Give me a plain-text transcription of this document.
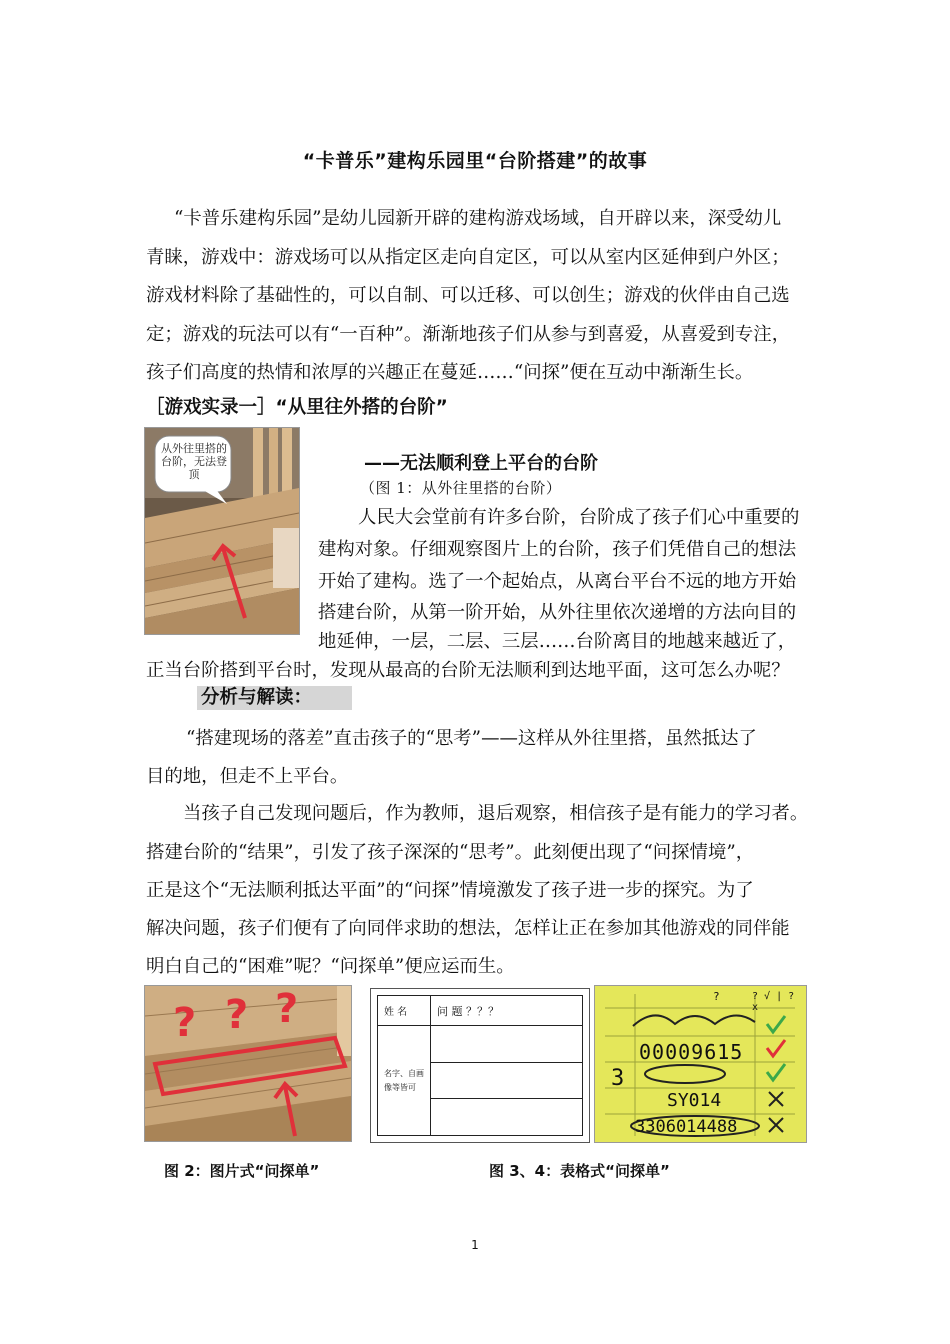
“卡普乐”建构乐园里“台阶搭建”的故事
“卡普乐建构乐园”是幼儿园新开辟的建构游戏场域，自开辟以来，深受幼儿
青睐，游戏中：游戏场可以从指定区走向自定区，可以从室内区延伸到户外区；
游戏材料除了基础性的，可以自制、可以迁移、可以创生；游戏的伙伴由自己选
定；游戏的玩法可以有“一百种”。渐渐地孩子们从参与到喜爱，从喜爱到专注，
孩子们高度的热情和浓厚的兴趣正在蔓延……“问探”便在互动中渐渐生长。
［游戏实录一］“从里往外搭的台阶”
从外往里搭的台阶，无法登顶
——无法顺利登上平台的台阶
（图 1：从外往里搭的台阶）
人民大会堂前有许多台阶，台阶成了孩子们心中重要的
建构对象。仔细观察图片上的台阶，孩子们凭借自己的想法
开始了建构。选了一个起始点，从离台平台不远的地方开始
搭建台阶，从第一阶开始，从外往里依次递增的方法向目的
地延伸，一层，二层、三层……台阶离目的地越来越近了，
正当台阶搭到平台时，发现从最高的台阶无法顺利到达地平面，这可怎么办呢？
分析与解读：
“搭建现场的落差”直击孩子的“思考”——这样从外往里搭，虽然抵达了
目的地，但走不上平台。
当孩子自己发现问题后，作为教师，退后观察，相信孩子是有能力的学习者。
搭建台阶的“结果”，引发了孩子深深的“思考”。此刻便出现了“问探情境”，
正是这个“无法顺利抵达平面”的“问探”情境激发了孩子进一步的探究。为了
解决问题，孩子们便有了向同伴求助的想法，怎样让正在参加其他游戏的同伴能
明白自己的“困难”呢？“问探单”便应运而生。
? ? ?	姓 名	问 题 ？？？
名字、自画像等皆可	

?	? √ | ? x
00009615
SY014
3306014488
3
图 2：图片式“问探单”	图 3、4：表格式“问探单”
1
